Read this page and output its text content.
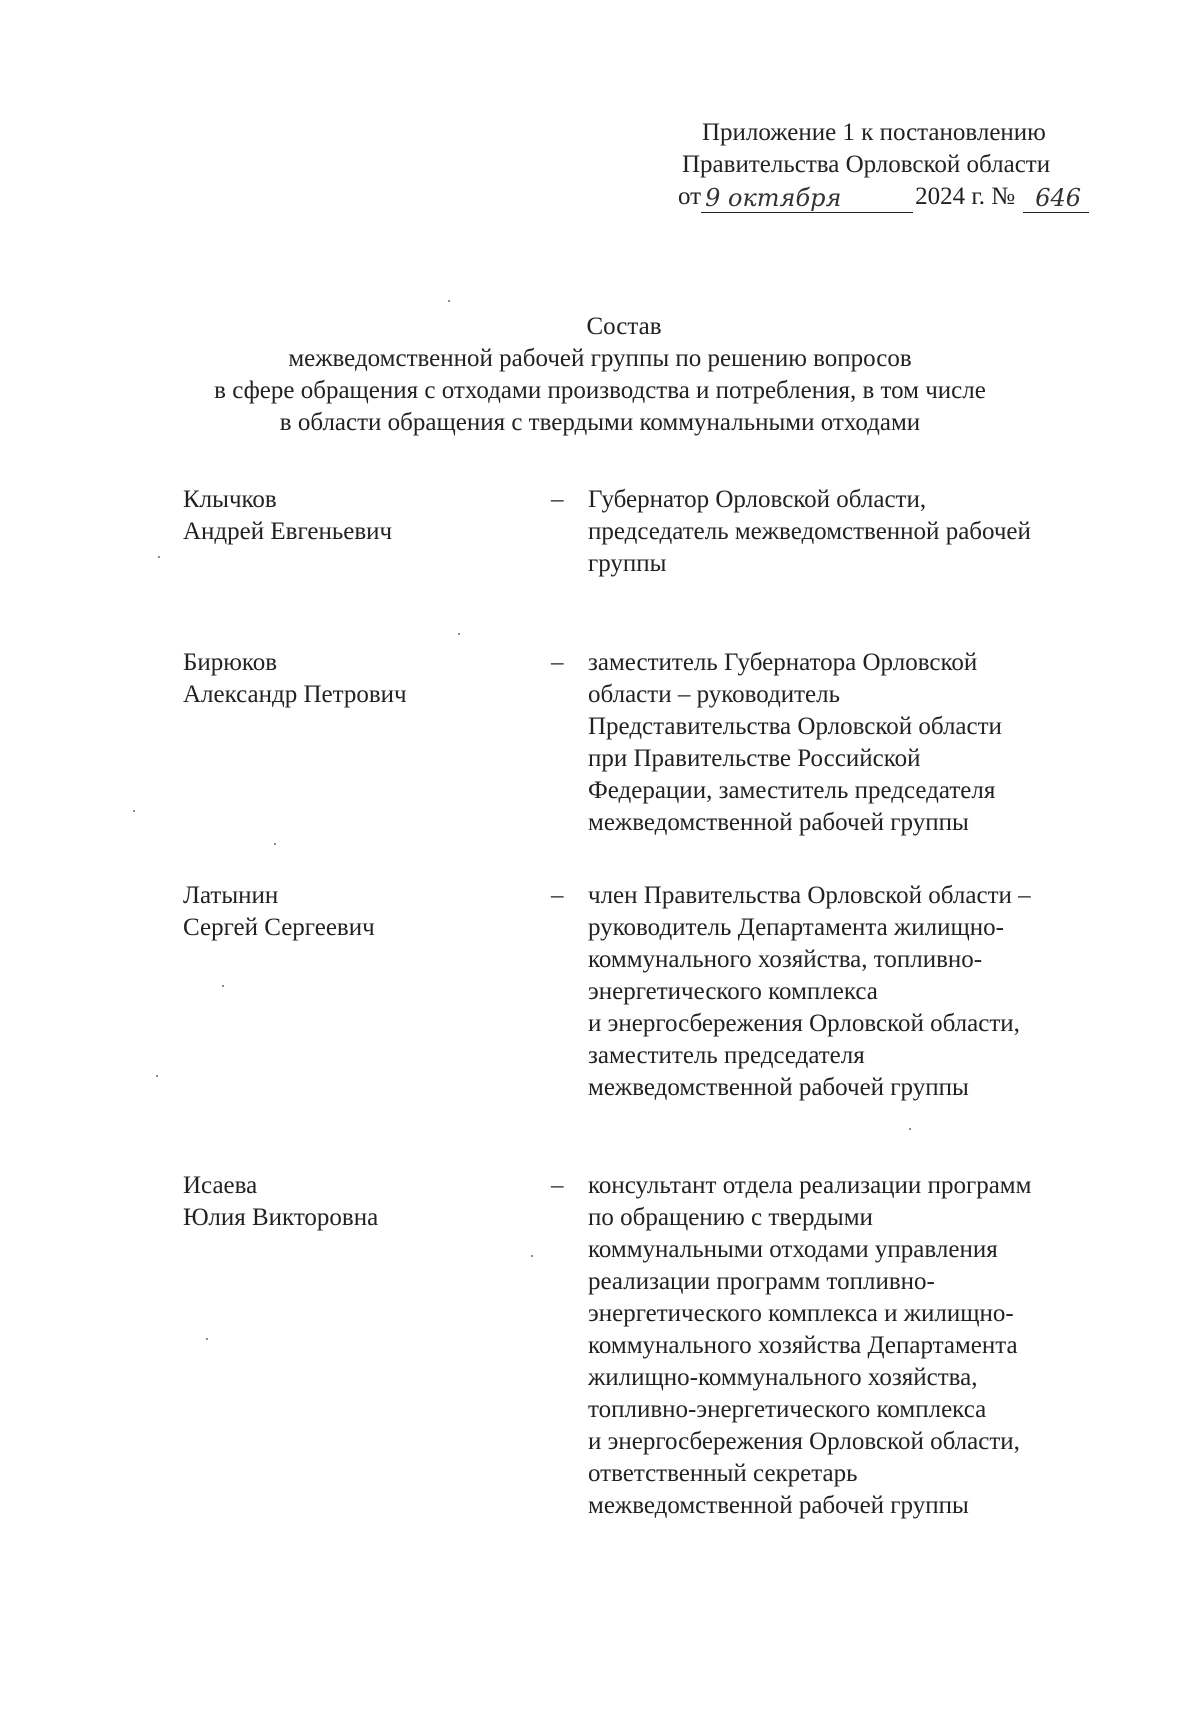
Приложение 1 к постановлению
Правительства Орловской области
от 9 октября	2024 г. № 646
Состав
межведомственной рабочей группы по решению вопросов
в сфере обращения с отходами производства и потребления, в том числе
в области обращения с твердыми коммунальными отходами
Клычков
Андрей Евгеньевич
– Губернатор Орловской области,
председатель межведомственной рабочей
группы
Бирюков
Александр Петрович
– заместитель Губернатора Орловской
области – руководитель
Представительства Орловской области
при Правительстве Российской
Федерации, заместитель председателя
межведомственной рабочей группы
Латынин
Сергей Сергеевич
– член Правительства Орловской области –
руководитель Департамента жилищно-
коммунального хозяйства, топливно-
энергетического комплекса
и энергосбережения Орловской области,
заместитель председателя
межведомственной рабочей группы
Исаева
Юлия Викторовна
– консультант отдела реализации программ
по обращению с твердыми
коммунальными отходами управления
реализации программ топливно-
энергетического комплекса и жилищно-
коммунального хозяйства Департамента
жилищно-коммунального хозяйства,
топливно-энергетического комплекса
и энергосбережения Орловской области,
ответственный секретарь
межведомственной рабочей группы
